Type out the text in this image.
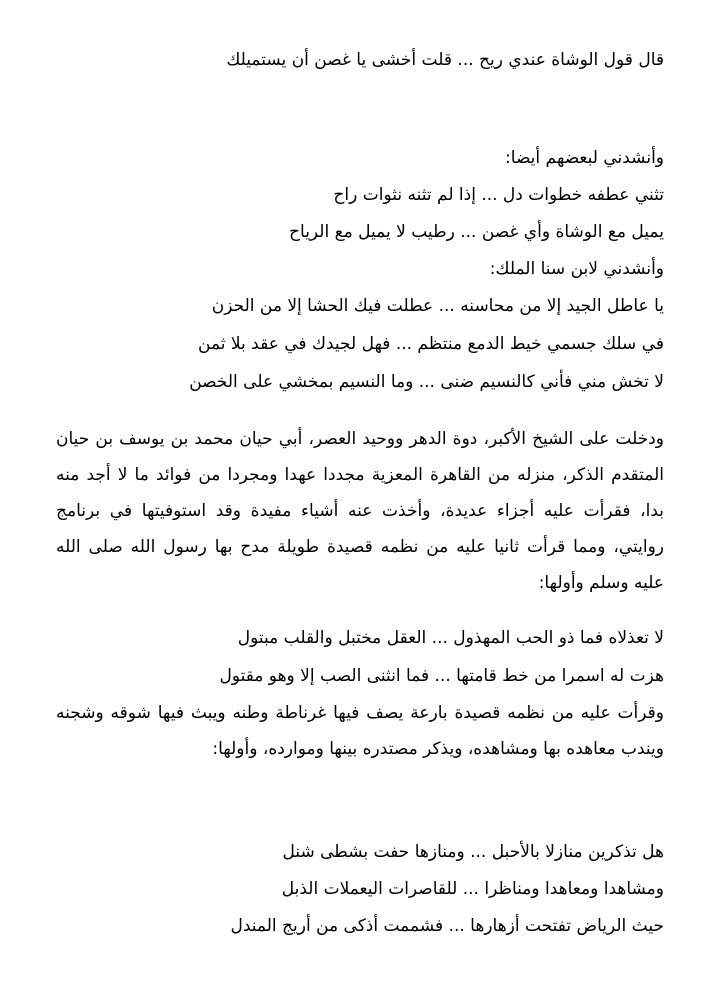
قال قول الوشاة عندي ريح ... قلت أخشى يا غصن أن يستميلك
وأنشدني لبعضهم أيضا:
تثني عطفه خطوات دل ... إذا لم تثنه نثوات راح
يميل مع الوشاة وأي غصن ... رطيب لا يميل مع الرياح
وأنشدني لابن سنا الملك:
يا عاطل الجيد إلا من محاسنه ... عطلت فيك الحشا إلا من الحزن
في سلك جسمي خيط الدمع منتظم ... فهل لجيدك في عقد بلا ثمن
لا تخش مني فأني كالنسيم ضنى ... وما النسيم بمخشي على الخصن
ودخلت على الشيخ الأكبر، دوة الدهر ووحيد العصر، أبي حيان محمد بن يوسف بن حيان المتقدم الذكر، منزله من القاهرة المعزية مجددا عهدا ومجردا من فوائد ما لا أجد منه بدا، فقرأت عليه أجزاء عديدة، وأخذت عنه أشياء مفيدة وقد استوفيتها في برنامج روايتي، ومما قرأت ثانيا عليه من نظمه قصيدة طويلة مدح بها رسول الله صلى الله عليه وسلم وأولها:
لا تعذلاه فما ذو الحب المهذول ... العقل مختبل والقلب مبتول
هزت له اسمرا من خط قامتها ... فما انثنى الصب إلا وهو مقتول
وقرأت عليه من نظمه قصيدة بارعة يصف فيها غرناطة وطنه ويبث فيها شوقه وشجنه ويندب معاهده بها ومشاهده، ويذكر مصتدره بينها وموارده، وأولها:
هل تذكرين منازلا بالأحبل ... ومنازها حفت بشطى شنل
ومشاهدا ومعاهدا ومناظرا ... للقاصرات اليعملات الذبل
حيث الرياض تفتحت أزهارها ... فشممت أذكى من أريج المندل
